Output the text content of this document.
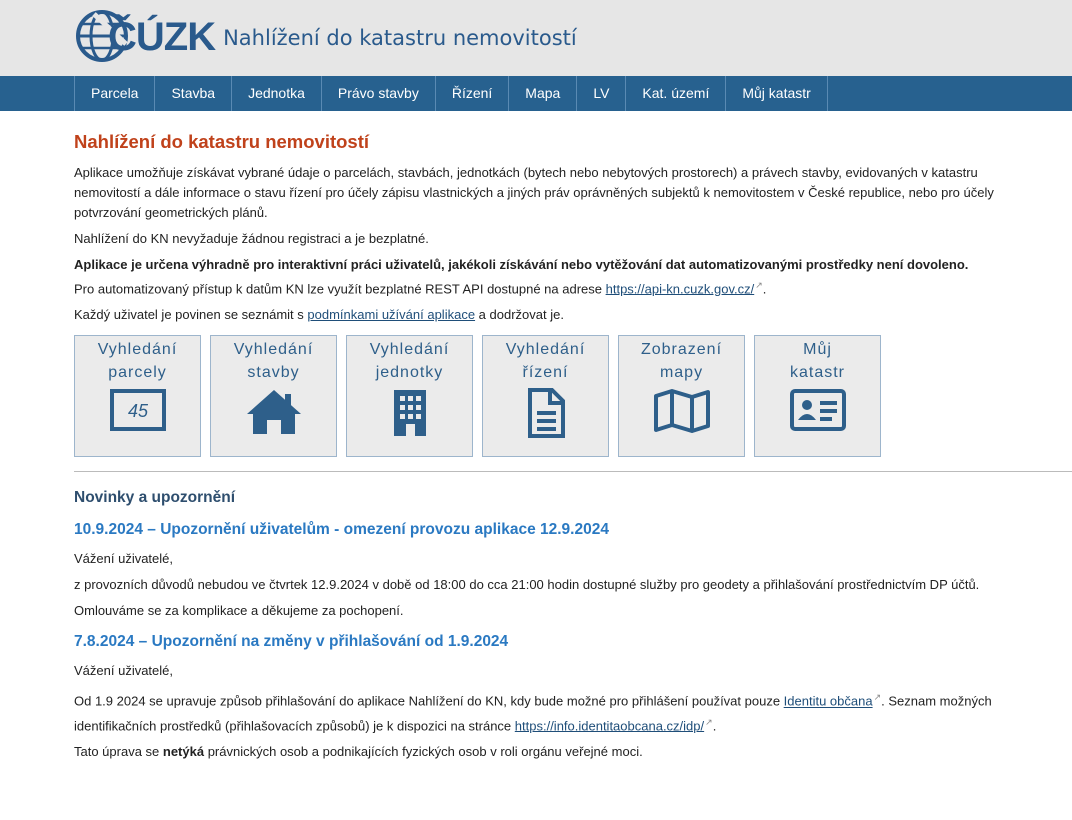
ČÚZK Nahlížení do katastru nemovitostí
Parcela	Stavba	Jednotka	Právo stavby	Řízení	Mapa	LV	Kat. území	Můj katastr
Nahlížení do katastru nemovitostí

Aplikace umožňuje získávat vybrané údaje o parcelách, stavbách, jednotkách (bytech nebo nebytových prostorech) a právech stavby, evidovaných v katastru nemovitostí a dále informace o stavu řízení pro účely zápisu vlastnických a jiných práv oprávněných subjektů k nemovitostem v České republice, nebo pro účely potvrzování geometrických plánů.

Nahlížení do KN nevyžaduje žádnou registraci a je bezplatné.

Aplikace je určena výhradně pro interaktivní práci uživatelů, jakékoli získávání nebo vytěžování dat automatizovanými prostředky není dovoleno.
Pro automatizovaný přístup k datům KN lze využít bezplatné REST API dostupné na adrese https://api-kn.cuzk.gov.cz/↗.

Každý uživatel je povinen se seznámit s podmínkami užívání aplikace a dodržovat je.

Vyhledání
parcely
45
Vyhledání
stavby
Vyhledání
jednotky
Vyhledání
řízení
Zobrazení
mapy
Můj
katastr
Novinky a upozornění
10.9.2024 – Upozornění uživatelům - omezení provozu aplikace 12.9.2024

Vážení uživatelé,

z provozních důvodů nebudou ve čtvrtek 12.9.2024 v době od 18:00 do cca 21:00 hodin dostupné služby pro geodety a přihlašování prostřednictvím DP účtů.

Omlouváme se za komplikace a děkujeme za pochopení.

7.8.2024 – Upozornění na změny v přihlašování od 1.9.2024

Vážení uživatelé,

Od 1.9 2024 se upravuje způsob přihlašování do aplikace Nahlížení do KN, kdy bude možné pro přihlášení používat pouze Identitu občana↗. Seznam možných identifikačních prostředků (přihlašovacích způsobů) je k dispozici na stránce https://info.identitaobcana.cz/idp/↗.

Tato úprava se netýká právnických osob a podnikajících fyzických osob v roli orgánu veřejné moci.
